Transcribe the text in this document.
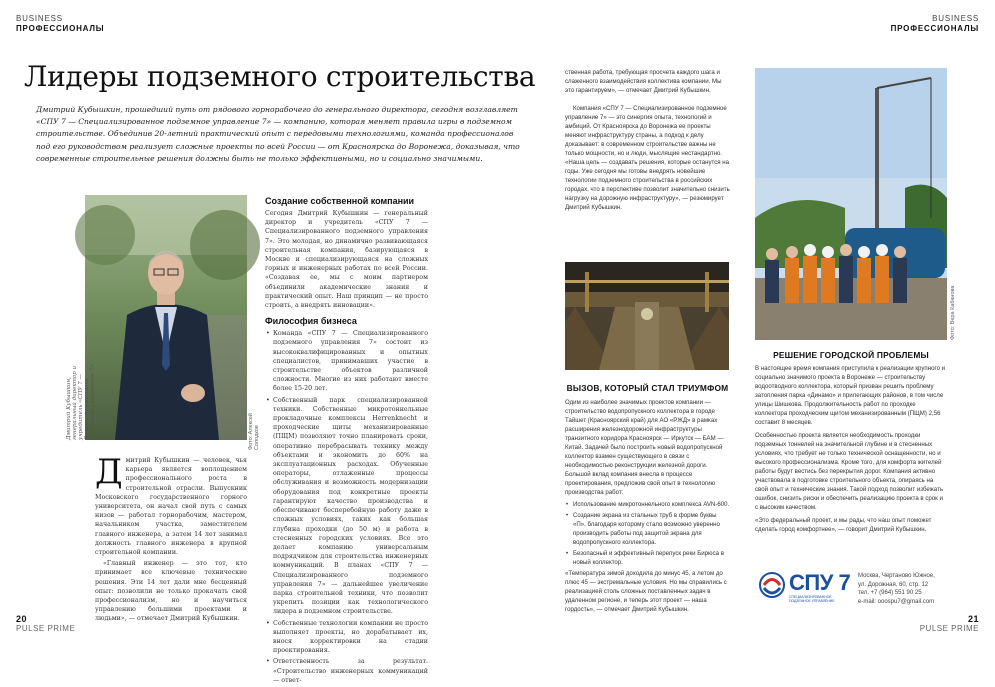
BUSINESS
ПРОФЕССИОНАЛЫ
BUSINESS
ПРОФЕССИОНАЛЫ
Лидеры подземного строительства
Дмитрий Кубышкин, прошедший путь от рядового горнорабочего до генерального директора, сегодня возглавляет «СПУ 7 — Специализированное подземное управление 7» — компанию, которая меняет правила игры в подземном строительстве. Объединив 20-летний практический опыт с передовыми технологиями, команда профессионалов под его руководством реализует сложные проекты по всей России — от Красноярска до Воронежа, доказывая, что современные строительные решения должны быть не только эффективными, но и социально значимыми.
Дмитрий Кубышкин, генеральный директор и учредитель «СПУ 7 — Специализированное подземное управление 7»	Фото: Алексей Солодков

Дмитрий Кубышкин — человек, чья карьера является воплощением профессионального роста в строительной отрасли. Выпускник Московского государственного горного университета, он начал свой путь с самых низов — работал горнорабочим, мастером, начальником участка, заместителем главного инженера, а затем 14 лет занимал должность главного инженера в крупной строительной компании.

«Главный инженер — это тот, кто принимает все ключевые технические решения. Эти 14 лет дали мне бесценный опыт: позволили не только прокачать свой профессионализм, но и научиться управлению большими проектами и людьми», — отмечает Дмитрий Кубышкин.

Создание собственной компании
Сегодня Дмитрий Кубышкин — генеральный директор и учредитель «СПУ 7 — Специализированного подземного управления 7». Это молодая, но динамично развивающаяся строительная компания, базирующаяся в Москве и специализирующаяся на сложных горных и инженерных работах по всей России. «Создавая ее, мы с моим партнером объединили академические знания и практический опыт. Наш принцип — не просто строить, а внедрять инновации».
Философия бизнеса
• Команда «СПУ 7 — Специализированного подземного управления 7» состоит из высококвалифицированных и опытных специалистов, принимавших участие в строительстве объектов различной сложности. Многие из них работают вместе более 15-20 лет.
• Собственный парк специализированной техники. Собственные микротоннельные прокладочные комплексы Herrenknecht и проходческие щиты механизированные (ПЩМ) позволяют точно планировать сроки, оперативно перебрасывать технику между объектами и экономить до 60% на эксплуатационных расходах. Обученные операторы, отлаженные процессы обслуживания и возможность модернизации оборудования под конкретные проекты гарантируют качество производства и обеспечивают бесперебойную работу даже в сложных условиях, таких как большая глубина проходки (до 50 м) и работа в стесненных городских условиях. Все это делает компанию универсальным подрядчиком для строительства инженерных коммуникаций. В планах «СПУ 7 — Специализированного подземного управления 7» — дальнейшее увеличение парка строительной техники, что позволит укрепить позиции как технологического лидера в подземном строительстве.
• Собственные технологии компании не просто выполняет проекты, но дорабатывает их, внося корректировки на стадии проектирования.
• Ответственность за результат. «Строительство инженерных коммуникаций — ответ-

ственная работа, требующая просчета каждого шага и слаженного взаимодействия коллектива компании. Мы это гарантируем», — отмечает Дмитрий Кубышкин.

Компания «СПУ 7 — Специализированное подземное управление 7» — это синергия опыта, технологий и амбиций. От Красноярска до Воронежа ее проекты меняют инфраструктуру страны, а подход к делу доказывает: в современном строительстве важны не только мощности, но и люди, мыслящие нестандартно. «Наша цель — создавать решения, которые останутся на годы. Уже сегодня мы готовы внедрять новейшие технологии подземного строительства в российских городах, что в перспективе позволит значительно снизить нагрузку на дорожную инфраструктуру», — резюмирует Дмитрий Кубышкин.

ВЫЗОВ, КОТОРЫЙ СТАЛ ТРИУМФОМ
Одим из наиболее значимых проектов компании — строительство водопропускного коллектора в городе Тайшет (Красноярский край) для АО «РЖД» в рамках расширения железнодорожной инфраструктуры транзитного коридора Красноярск — Иркутск — БАМ — Китай. Задачей было построить новый водопропускной коллектор взамен существующего в связи с необходимостью реконструкции железной дороги. Большой вклад компания внесла в процессе проектирования, предложив свой опыт в технологию производства работ:
• Использование микротоннельного комплекса AVN-600.
• Создание экрана из стальных труб в форме буквы «П», благодаря которому стало возможно уверенно производить работы под защитой экрана для водопропускного коллектора.
• Безопасный и эффективный перепуск реки Бирюса в новый коллектор.
«Температура зимой доходила до минус 45, а летом до плюс 45 — экстремальные условия. Но мы справились с реализацией столь сложных поставленных задач в удаленном регионе, и теперь этот проект — наша гордость», — отмечает Дмитрий Кубышкин.
Фото: Вера Кабанова
РЕШЕНИЕ ГОРОДСКОЙ ПРОБЛЕМЫ
В настоящее время компания приступила к реализации крупного и социально значимого проекта в Воронеже — строительству водоотводного коллектора, который призван решить проблему затопления парка «Динамо» и прилегающих районов, в том числе улицы Шишкова. Продолжительность работ по проходке коллектора проходческим щитом механизированным (ПЩМ) 2,56 составит 8 месяцев.
Особенностью проекта является необходимость проходки подземных тоннелей на значительной глубине и в стесненных условиях, что требует не только технической оснащенности, но и высокого профессионализма. Кроме того, для комфорта жителей работы будут вестись без перекрытия дорог. Компания активно участвовала в подготовке строительного объекта, опираясь на свой опыт и технические знания. Такой подход позволит избежать ошибок, снизить риски и обеспечить реализацию проекта в срок и с высоким качеством.
«Это федеральный проект, и мы рады, что наш опыт поможет сделать город комфортнее», — говорит Дмитрий Кубышкин.
СПУ 7
СПЕЦИАЛИЗИРОВАННОЕ ПОДЗЕМНОЕ УПРАВЛЕНИЕ
Москва, Чертаново Южное,
ул. Дорожная, 60, стр. 12
тел. +7 (964) 551 90 25
e-mail: ooospu7@gmail.com
20
PULSE PRIME
21
PULSE PRIME
